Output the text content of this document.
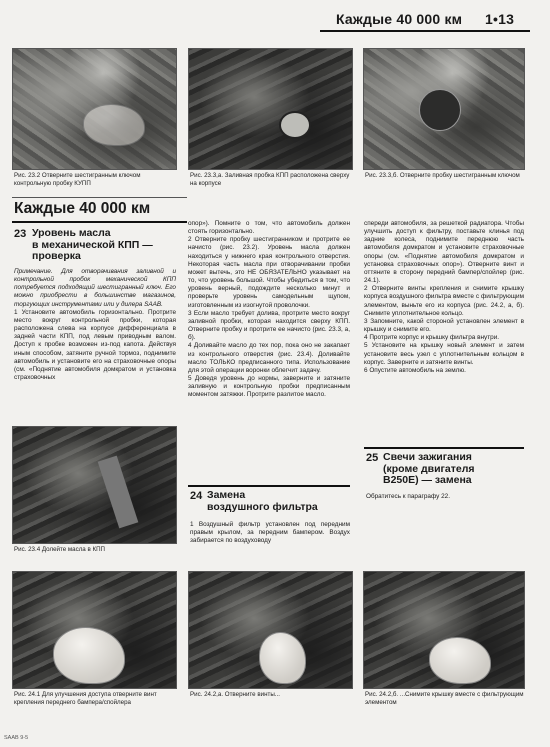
Каждые 40 000 км 1•13
Рис. 23.2 Отверните шестигранным ключом контрольную пробку КУПП
Рис. 23.3,а. Заливная пробка КПП расположена сверху на корпусе
Рис. 23.3,б. Отверните пробку шестигранным ключом
Каждые 40 000 км
23 Уровень масла
в механической КПП —
проверка

Примечание. Для отворачивания заливной и контрольной пробок механической КПП потребуется подходящий шестигранный ключ. Его можно приобрести в большинстве магазинов, торгующих инструментами или у дилера SAAB.

1 Установите автомобиль горизонтально. Протрите место вокруг контрольной пробки, которая расположена слева на корпусе дифференциала в задней части КПП, под левым приводным валом. Доступ к пробке возможен из-под капота. Действуя иным способом, затяните ручной тормоз, поднимите автомобиль и установите его на страховочные опоры (см. «Поднятие автомобиля домкратом и установка страховочных

Рис. 23.4 Долейте масла в КПП

опор»). Помните о том, что автомобиль должен стоять горизонтально.

2 Отверните пробку шестигранником и протрите ее начисто (рис. 23.2). Уровень масла должен находиться у нижнего края контрольного отверстия. Некоторая часть масла при отворачивании пробки может вытечь, это НЕ ОБЯЗАТЕЛЬНО указывает на то, что уровень большой. Чтобы убедиться в том, что уровень верный, подождите несколько минут и проверьте уровень самодельным щупом, изготовленным из изогнутой проволочки.

3 Если масло требует долива, протрите место вокруг заливной пробки, которая находится сверху КПП. Отверните пробку и протрите ее начисто (рис. 23.3, а, б).

4 Доливайте масло до тех пор, пока оно не закапает из контрольного отверстия (рис. 23.4). Доливайте масло ТОЛЬКО предписанного типа. Использование для этой операции воронки облегчит задачу.

5 Доведя уровень до нормы, заверните и затяните заливную и контрольную пробки предписанным моментом затяжки. Протрите разлитое масло.

24 Замена
воздушного фильтра

1 Воздушный фильтр установлен под передним правым крылом, за передним бампером. Воздух забирается по воздуховоду

спереди автомобиля, за решеткой радиатора. Чтобы улучшить доступ к фильтру, поставьте клинья под задние колеса, поднимите переднюю часть автомобиля домкратом и установите страховочные опоры (см. «Поднятие автомобиля домкратом и установка страховочных опор»). Отверните винт и оттяните в сторону передний бампер/спойлер (рис. 24.1).

2 Отверните винты крепления и снимите крышку корпуса воздушного фильтра вместе с фильтрующим элементом, выньте его из корпуса (рис. 24.2, а, б). Снимите уплотнительное кольцо.

3 Запомните, какой стороной установлен элемент в крышку и снимите его.

4 Протрите корпус и крышку фильтра внутри.

5 Установите на крышку новый элемент и затем установите весь узел с уплотнительным кольцом в корпус. Заверните и затяните винты.

6 Опустите автомобиль на землю.

25 Свечи зажигания
(кроме двигателя
B250E) — замена

Обратитесь к параграфу 22.

Рис. 24.1 Для улучшения доступа отверните винт крепления переднего бампера/спойлера
Рис. 24.2,а. Отверните винты...	Рис. 24.2,б. ...Снимите крышку вместе с фильтрующим элементом
SAAB 9-5
